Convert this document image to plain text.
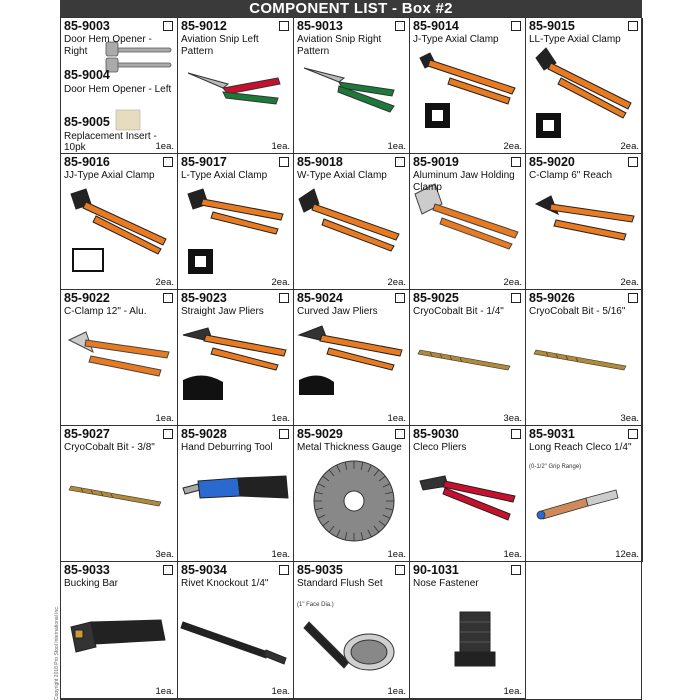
COMPONENT LIST - Box #2
Copyright 2018 Pro Stool International Inc.
85-9003
Door Hem Opener - Right
1ea.
85-9004
Door Hem Opener - Left
85-9005
Replacement Insert - 10pk
85-9012
Aviation Snip Left Pattern
1ea.
85-9013
Aviation Snip Right Pattern
1ea.
85-9014
J-Type Axial Clamp
2ea.
85-9015
LL-Type Axial Clamp
2ea.
85-9016
JJ-Type Axial Clamp
2ea.
85-9017
L-Type Axial Clamp
2ea.
85-9018
W-Type Axial Clamp
2ea.
85-9019
Aluminum Jaw Holding Clamp
2ea.
85-9020
C-Clamp 6" Reach
2ea.
85-9022
C-Clamp 12" - Alu.
1ea.
85-9023
Straight Jaw Pliers
1ea.
85-9024
Curved Jaw Pliers
1ea.
85-9025
CryoCobalt Bit - 1/4"
3ea.
85-9026
CryoCobalt Bit - 5/16"
3ea.
85-9027
CryoCobalt Bit - 3/8"
3ea.
85-9028
Hand Deburring Tool
1ea.
85-9029
Metal Thickness Gauge
1ea.
85-9030
Cleco Pliers
1ea.
85-9031
Long Reach Cleco 1/4"
(0-1/2" Grip Range)
12ea.
85-9033
Bucking Bar
1ea.
85-9034
Rivet Knockout 1/4"
1ea.
85-9035
Standard Flush Set
(1" Face Dia.)
1ea.
90-1031
Nose Fastener
1ea.
